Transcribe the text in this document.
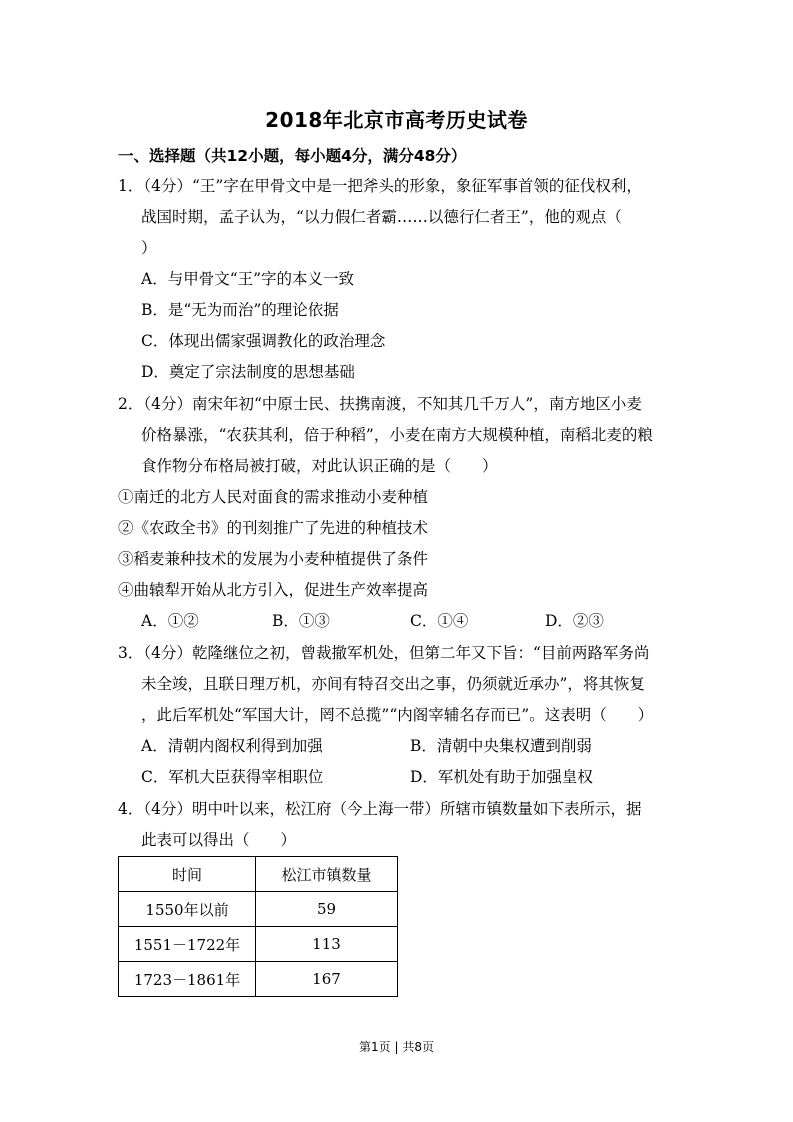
2018年北京市高考历史试卷
一、选择题（共12小题，每小题4分，满分48分）
1．（4分）“王”字在甲骨文中是一把斧头的形象，象征军事首领的征伐权利，
战国时期，孟子认为，“以力假仁者霸……以德行仁者王”，他的观点（
）
A．与甲骨文“王”字的本义一致
B．是“无为而治”的理论依据
C．体现出儒家强调教化的政治理念
D．奠定了宗法制度的思想基础
2．（4分）南宋年初“中原士民、扶携南渡，不知其几千万人”，南方地区小麦
价格暴涨，“农获其利，倍于种稻”，小麦在南方大规模种植，南稻北麦的粮
食作物分布格局被打破，对此认识正确的是（　　）
①南迁的北方人民对面食的需求推动小麦种植
②《农政全书》的刊刻推广了先进的种植技术
③稻麦兼种技术的发展为小麦种植提供了条件
④曲辕犁开始从北方引入，促进生产效率提高
A．①②	B．①③	C．①④	D．②③
3．（4分）乾隆继位之初，曾裁撤军机处，但第二年又下旨：“目前两路军务尚
未全竣，且联日理万机，亦间有特召交出之事，仍须就近承办”，将其恢复
，此后军机处“军国大计，罔不总揽”“内阁宰辅名存而已”。这表明（　　）
A．清朝内阁权利得到加强	B．清朝中央集权遭到削弱
C．军机大臣获得宰相职位	D．军机处有助于加强皇权
4．（4分）明中叶以来，松江府（今上海一带）所辖市镇数量如下表所示，据
此表可以得出（　　）
时间	松江市镇数量
1550年以前	59
1551－1722年	113
1723－1861年	167
第1页 | 共8页
